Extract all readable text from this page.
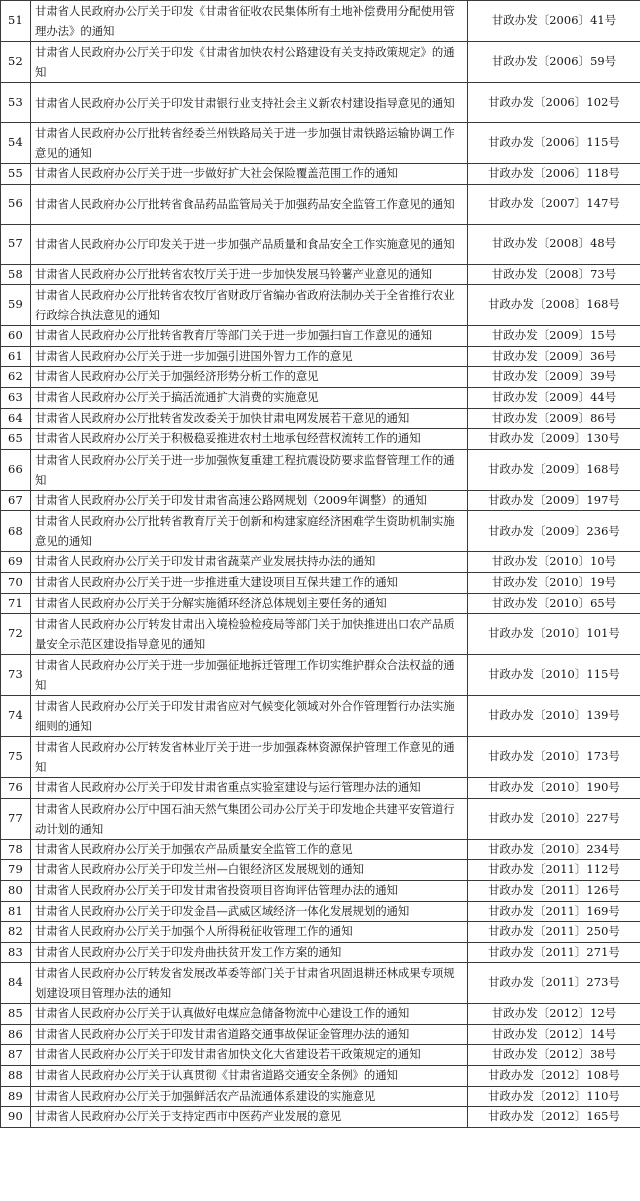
51	甘肃省人民政府办公厅关于印发《甘肃省征收农民集体所有土地补偿费用分配使用管理办法》的通知	甘政办发〔2006〕41号
52	甘肃省人民政府办公厅关于印发《甘肃省加快农村公路建设有关支持政策规定》的通知	甘政办发〔2006〕59号
53	甘肃省人民政府办公厅关于印发甘肃银行业支持社会主义新农村建设指导意见的通知	甘政办发〔2006〕102号
54	甘肃省人民政府办公厅批转省经委兰州铁路局关于进一步加强甘肃铁路运输协调工作意见的通知	甘政办发〔2006〕115号
55	甘肃省人民政府办公厅关于进一步做好扩大社会保险覆盖范围工作的通知	甘政办发〔2006〕118号
56	甘肃省人民政府办公厅批转省食品药品监管局关于加强药品安全监管工作意见的通知	甘政办发〔2007〕147号
57	甘肃省人民政府办公厅印发关于进一步加强产品质量和食品安全工作实施意见的通知	甘政办发〔2008〕48号
58	甘肃省人民政府办公厅批转省农牧厅关于进一步加快发展马铃薯产业意见的通知	甘政办发〔2008〕73号
59	甘肃省人民政府办公厅批转省农牧厅省财政厅省编办省政府法制办关于全省推行农业行政综合执法意见的通知	甘政办发〔2008〕168号
60	甘肃省人民政府办公厅批转省教育厅等部门关于进一步加强扫盲工作意见的通知	甘政办发〔2009〕15号
61	甘肃省人民政府办公厅关于进一步加强引进国外智力工作的意见	甘政办发〔2009〕36号
62	甘肃省人民政府办公厅关于加强经济形势分析工作的意见	甘政办发〔2009〕39号
63	甘肃省人民政府办公厅关于搞活流通扩大消费的实施意见	甘政办发〔2009〕44号
64	甘肃省人民政府办公厅批转省发改委关于加快甘肃电网发展若干意见的通知	甘政办发〔2009〕86号
65	甘肃省人民政府办公厅关于积极稳妥推进农村土地承包经营权流转工作的通知	甘政办发〔2009〕130号
66	甘肃省人民政府办公厅关于进一步加强恢复重建工程抗震设防要求监督管理工作的通知	甘政办发〔2009〕168号
67	甘肃省人民政府办公厅关于印发甘肃省高速公路网规划（2009年调整）的通知	甘政办发〔2009〕197号
68	甘肃省人民政府办公厅批转省教育厅关于创新和构建家庭经济困难学生资助机制实施意见的通知	甘政办发〔2009〕236号
69	甘肃省人民政府办公厅关于印发甘肃省蔬菜产业发展扶持办法的通知	甘政办发〔2010〕10号
70	甘肃省人民政府办公厅关于进一步推进重大建设项目互保共建工作的通知	甘政办发〔2010〕19号
71	甘肃省人民政府办公厅关于分解实施循环经济总体规划主要任务的通知	甘政办发〔2010〕65号
72	甘肃省人民政府办公厅转发甘肃出入境检验检疫局等部门关于加快推进出口农产品质量安全示范区建设指导意见的通知	甘政办发〔2010〕101号
73	甘肃省人民政府办公厅关于进一步加强征地拆迁管理工作切实维护群众合法权益的通知	甘政办发〔2010〕115号
74	甘肃省人民政府办公厅关于印发甘肃省应对气候变化领域对外合作管理暂行办法实施细则的通知	甘政办发〔2010〕139号
75	甘肃省人民政府办公厅转发省林业厅关于进一步加强森林资源保护管理工作意见的通知	甘政办发〔2010〕173号
76	甘肃省人民政府办公厅关于印发甘肃省重点实验室建设与运行管理办法的通知	甘政办发〔2010〕190号
77	甘肃省人民政府办公厅中国石油天然气集团公司办公厅关于印发地企共建平安管道行动计划的通知	甘政办发〔2010〕227号
78	甘肃省人民政府办公厅关于加强农产品质量安全监管工作的意见	甘政办发〔2010〕234号
79	甘肃省人民政府办公厅关于印发兰州—白银经济区发展规划的通知	甘政办发〔2011〕112号
80	甘肃省人民政府办公厅关于印发甘肃省投资项目咨询评估管理办法的通知	甘政办发〔2011〕126号
81	甘肃省人民政府办公厅关于印发金昌—武威区域经济一体化发展规划的通知	甘政办发〔2011〕169号
82	甘肃省人民政府办公厅关于加强个人所得税征收管理工作的通知	甘政办发〔2011〕250号
83	甘肃省人民政府办公厅关于印发舟曲扶贫开发工作方案的通知	甘政办发〔2011〕271号
84	甘肃省人民政府办公厅转发省发展改革委等部门关于甘肃省巩固退耕还林成果专项规划建设项目管理办法的通知	甘政办发〔2011〕273号
85	甘肃省人民政府办公厅关于认真做好电煤应急储备物流中心建设工作的通知	甘政办发〔2012〕12号
86	甘肃省人民政府办公厅关于印发甘肃省道路交通事故保证金管理办法的通知	甘政办发〔2012〕14号
87	甘肃省人民政府办公厅关于印发甘肃省加快文化大省建设若干政策规定的通知	甘政办发〔2012〕38号
88	甘肃省人民政府办公厅关于认真贯彻《甘肃省道路交通安全条例》的通知	甘政办发〔2012〕108号
89	甘肃省人民政府办公厅关于加强鲜活农产品流通体系建设的实施意见	甘政办发〔2012〕110号
90	甘肃省人民政府办公厅关于支持定西市中医药产业发展的意见	甘政办发〔2012〕165号
